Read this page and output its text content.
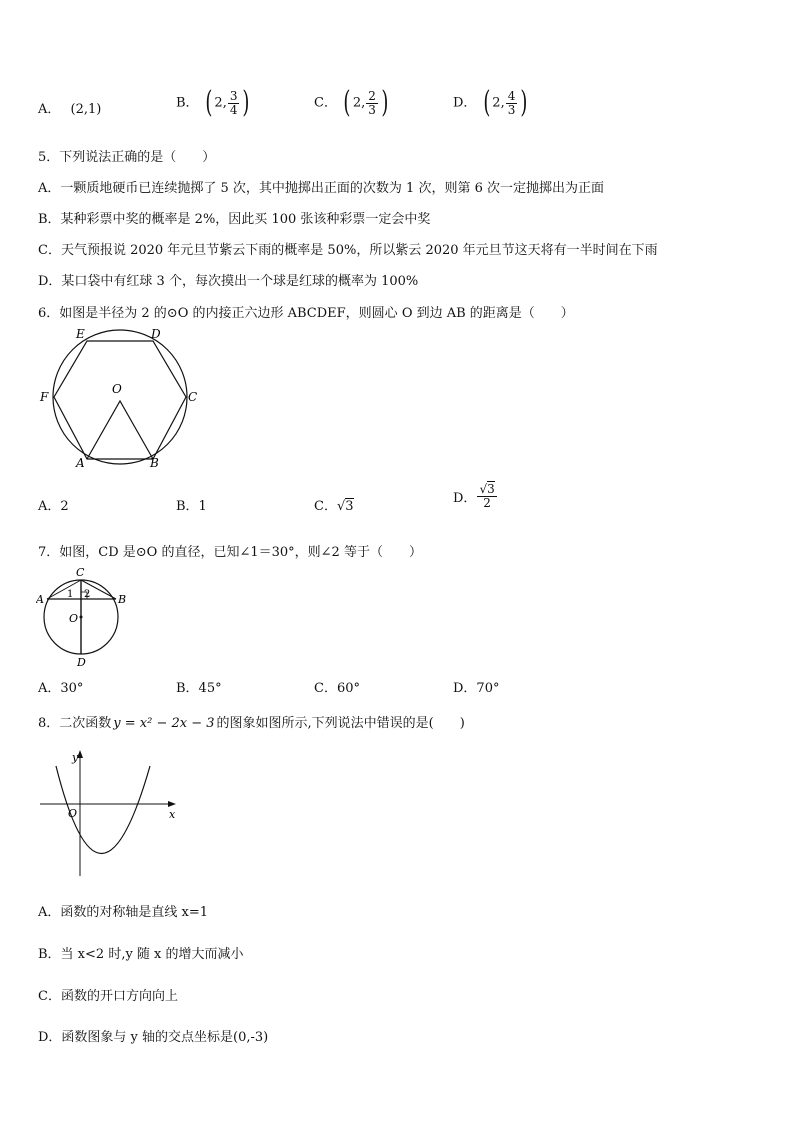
A． (2,1)	B． ( 2, $\frac{3}{4}$ )	C． ( 2, $\frac{2}{3}$ )	D． ( 2, $\frac{4}{3}$ )
5．下列说法正确的是（　　）
A．一颗质地硬币已连续抛掷了 5 次，其中抛掷出正面的次数为 1 次，则第 6 次一定抛掷出为正面
B．某种彩票中奖的概率是 2%，因此买 100 张该种彩票一定会中奖
C．天气预报说 2020 年元旦节紫云下雨的概率是 50%，所以紫云 2020 年元旦节这天将有一半时间在下雨
D．某口袋中有红球 3 个，每次摸出一个球是红球的概率为 100%
6．如图是半径为 2 的⊙O 的内接正六边形 ABCDEF，则圆心 O 到边 AB 的距离是（　　）
O
A	B
C
D
E
F
A．2	B．1	C．√3
D． $\frac{√3}{2}$
7．如图，CD 是⊙O 的直径，已知∠1＝30°，则∠2 等于（　　）
A	B
C
D
O
1 2
A．30°	B．45°	C．60°	D．70°
8．二次函数 y = x² − 2x − 3 的图象如图所示,下列说法中错误的是(　　)
x
y
O
A．函数的对称轴是直线 x=1
B．当 x<2 时,y 随 x 的增大而减小
C．函数的开口方向向上
D．函数图象与 y 轴的交点坐标是(0,-3)
